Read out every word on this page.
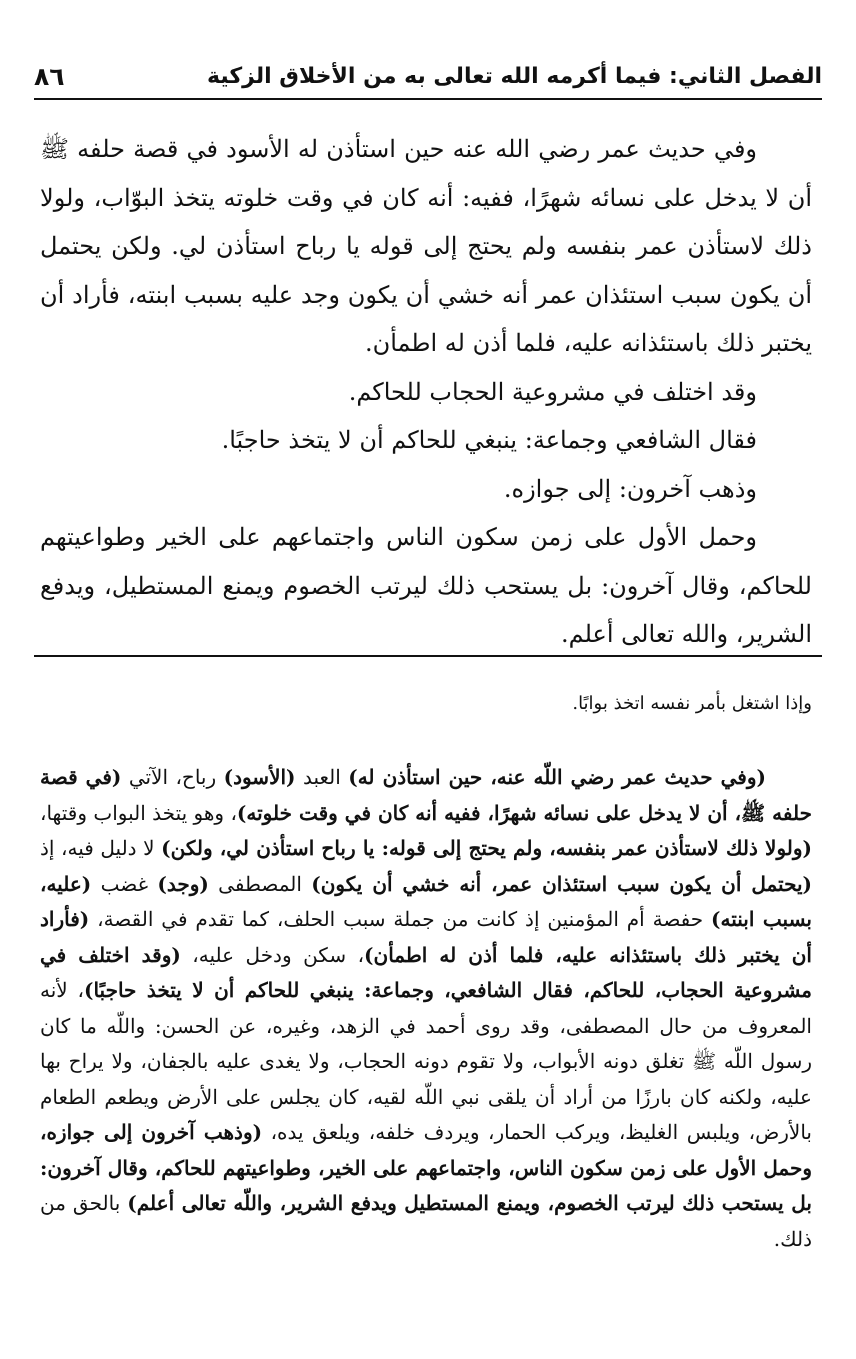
الفصل الثاني: فيما أكرمه الله تعالى به من الأخلاق الزكية
٨٦

وفي حديث عمر رضي الله عنه حين استأذن له الأسود في قصة حلفه ﷺ أن لا يدخل على نسائه شهرًا، ففيه: أنه كان في وقت خلوته يتخذ البوّاب، ولولا ذلك لاستأذن عمر بنفسه ولم يحتج إلى قوله يا رباح استأذن لي. ولكن يحتمل أن يكون سبب استئذان عمر أنه خشي أن يكون وجد عليه بسبب ابنته، فأراد أن يختبر ذلك باستئذانه عليه، فلما أذن له اطمأن.

وقد اختلف في مشروعية الحجاب للحاكم.

فقال الشافعي وجماعة: ينبغي للحاكم أن لا يتخذ حاجبًا.

وذهب آخرون: إلى جوازه.

وحمل الأول على زمن سكون الناس واجتماعهم على الخير وطواعيتهم للحاكم، وقال آخرون: بل يستحب ذلك ليرتب الخصوم ويمنع المستطيل، ويدفع الشرير، والله تعالى أعلم.

وإذا اشتغل بأمر نفسه اتخذ بوابًا.

(وفي حديث عمر رضي اللّه عنه، حين استأذن له) العبد (الأسود) رباح، الآتي (في قصة حلفه ﷺ، أن لا يدخل على نسائه شهرًا، ففيه أنه كان في وقت خلوته)، وهو يتخذ البواب وقتها، (ولولا ذلك لاستأذن عمر بنفسه، ولم يحتج إلى قوله: يا رباح استأذن لي، ولكن) لا دليل فيه، إذ (يحتمل أن يكون سبب استئذان عمر، أنه خشي أن يكون) المصطفى (وجد) غضب (عليه، بسبب ابنته) حفصة أم المؤمنين إذ كانت من جملة سبب الحلف، كما تقدم في القصة، (فأراد أن يختبر ذلك باستئذانه عليه، فلما أذن له اطمأن)، سكن ودخل عليه، (وقد اختلف في مشروعية الحجاب، للحاكم، فقال الشافعي، وجماعة: ينبغي للحاكم أن لا يتخذ حاجبًا)، لأنه المعروف من حال المصطفى، وقد روى أحمد في الزهد، وغيره، عن الحسن: واللّه ما كان رسول اللّه ﷺ تغلق دونه الأبواب، ولا تقوم دونه الحجاب، ولا يغدى عليه بالجفان، ولا يراح بها عليه، ولكنه كان بارزًا من أراد أن يلقى نبي اللّه لقيه، كان يجلس على الأرض ويطعم الطعام بالأرض، ويلبس الغليظ، ويركب الحمار، ويردف خلفه، ويلعق يده، (وذهب آخرون إلى جوازه، وحمل الأول على زمن سكون الناس، واجتماعهم على الخير، وطواعيتهم للحاكم، وقال آخرون: بل يستحب ذلك ليرتب الخصوم، ويمنع المستطيل ويدفع الشرير، واللّه تعالى أعلم) بالحق من ذلك.
